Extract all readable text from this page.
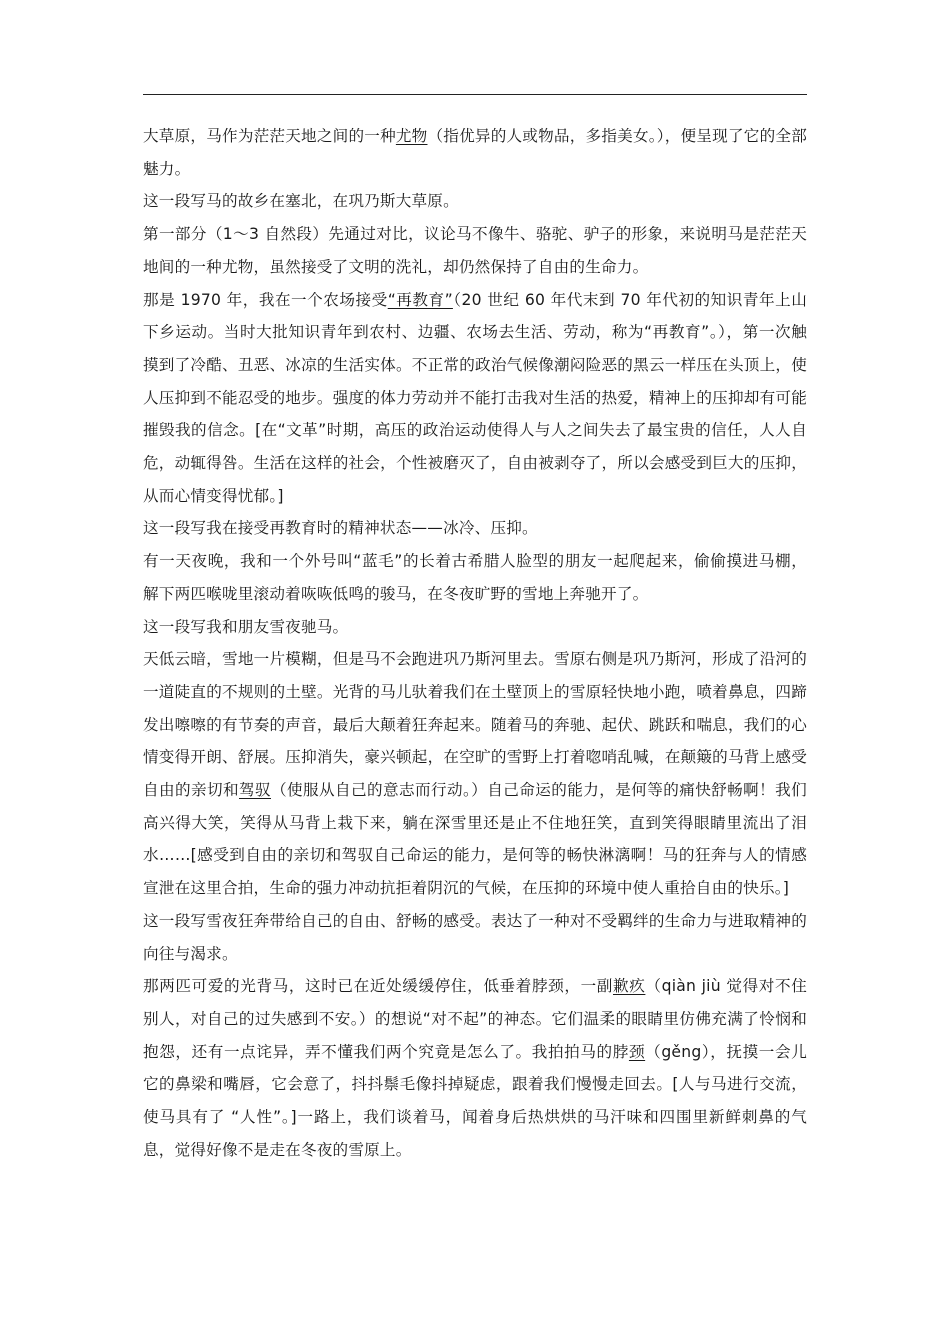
大草原，马作为茫茫天地之间的一种尤物（指优异的人或物品，多指美女。），便呈现了它的全部魅力。

这一段写马的故乡在塞北，在巩乃斯大草原。

第一部分（1～3 自然段）先通过对比，议论马不像牛、骆驼、驴子的形象，来说明马是茫茫天地间的一种尤物，虽然接受了文明的洗礼，却仍然保持了自由的生命力。

那是 1970 年，我在一个农场接受“再教育”（20 世纪 60 年代末到 70 年代初的知识青年上山下乡运动。当时大批知识青年到农村、边疆、农场去生活、劳动，称为“再教育”。），第一次触摸到了冷酷、丑恶、冰凉的生活实体。不正常的政治气候像潮闷险恶的黑云一样压在头顶上，使人压抑到不能忍受的地步。强度的体力劳动并不能打击我对生活的热爱，精神上的压抑却有可能摧毁我的信念。[在“文革”时期，高压的政治运动使得人与人之间失去了最宝贵的信任，人人自危，动辄得咎。生活在这样的社会，个性被磨灭了，自由被剥夺了，所以会感受到巨大的压抑，从而心情变得忧郁。]

这一段写我在接受再教育时的精神状态——冰冷、压抑。

有一天夜晚，我和一个外号叫“蓝毛”的长着古希腊人脸型的朋友一起爬起来，偷偷摸进马棚，解下两匹喉咙里滚动着咴咴低鸣的骏马，在冬夜旷野的雪地上奔驰开了。

这一段写我和朋友雪夜驰马。

天低云暗，雪地一片模糊，但是马不会跑进巩乃斯河里去。雪原右侧是巩乃斯河，形成了沿河的一道陡直的不规则的土壁。光背的马儿驮着我们在土壁顶上的雪原轻快地小跑，喷着鼻息，四蹄发出嚓嚓的有节奏的声音，最后大颠着狂奔起来。随着马的奔驰、起伏、跳跃和喘息，我们的心情变得开朗、舒展。压抑消失，豪兴顿起，在空旷的雪野上打着唿哨乱喊，在颠簸的马背上感受自由的亲切和驾驭（使服从自己的意志而行动。）自己命运的能力，是何等的痛快舒畅啊！我们高兴得大笑，笑得从马背上栽下来，躺在深雪里还是止不住地狂笑，直到笑得眼睛里流出了泪水……[感受到自由的亲切和驾驭自己命运的能力，是何等的畅快淋漓啊！马的狂奔与人的情感宣泄在这里合拍，生命的强力冲动抗拒着阴沉的气候，在压抑的环境中使人重拾自由的快乐。]

这一段写雪夜狂奔带给自己的自由、舒畅的感受。表达了一种对不受羁绊的生命力与进取精神的向往与渴求。

那两匹可爱的光背马，这时已在近处缓缓停住，低垂着脖颈，一副歉疚（qiàn jiù 觉得对不住别人，对自己的过失感到不安。）的想说“对不起”的神态。它们温柔的眼睛里仿佛充满了怜悯和抱怨，还有一点诧异，弄不懂我们两个究竟是怎么了。我拍拍马的脖颈（gěng），抚摸一会儿它的鼻梁和嘴唇，它会意了，抖抖鬃毛像抖掉疑虑，跟着我们慢慢走回去。[人与马进行交流，使马具有了 “人性”。]一路上，我们谈着马，闻着身后热烘烘的马汗味和四围里新鲜刺鼻的气息，觉得好像不是走在冬夜的雪原上。
